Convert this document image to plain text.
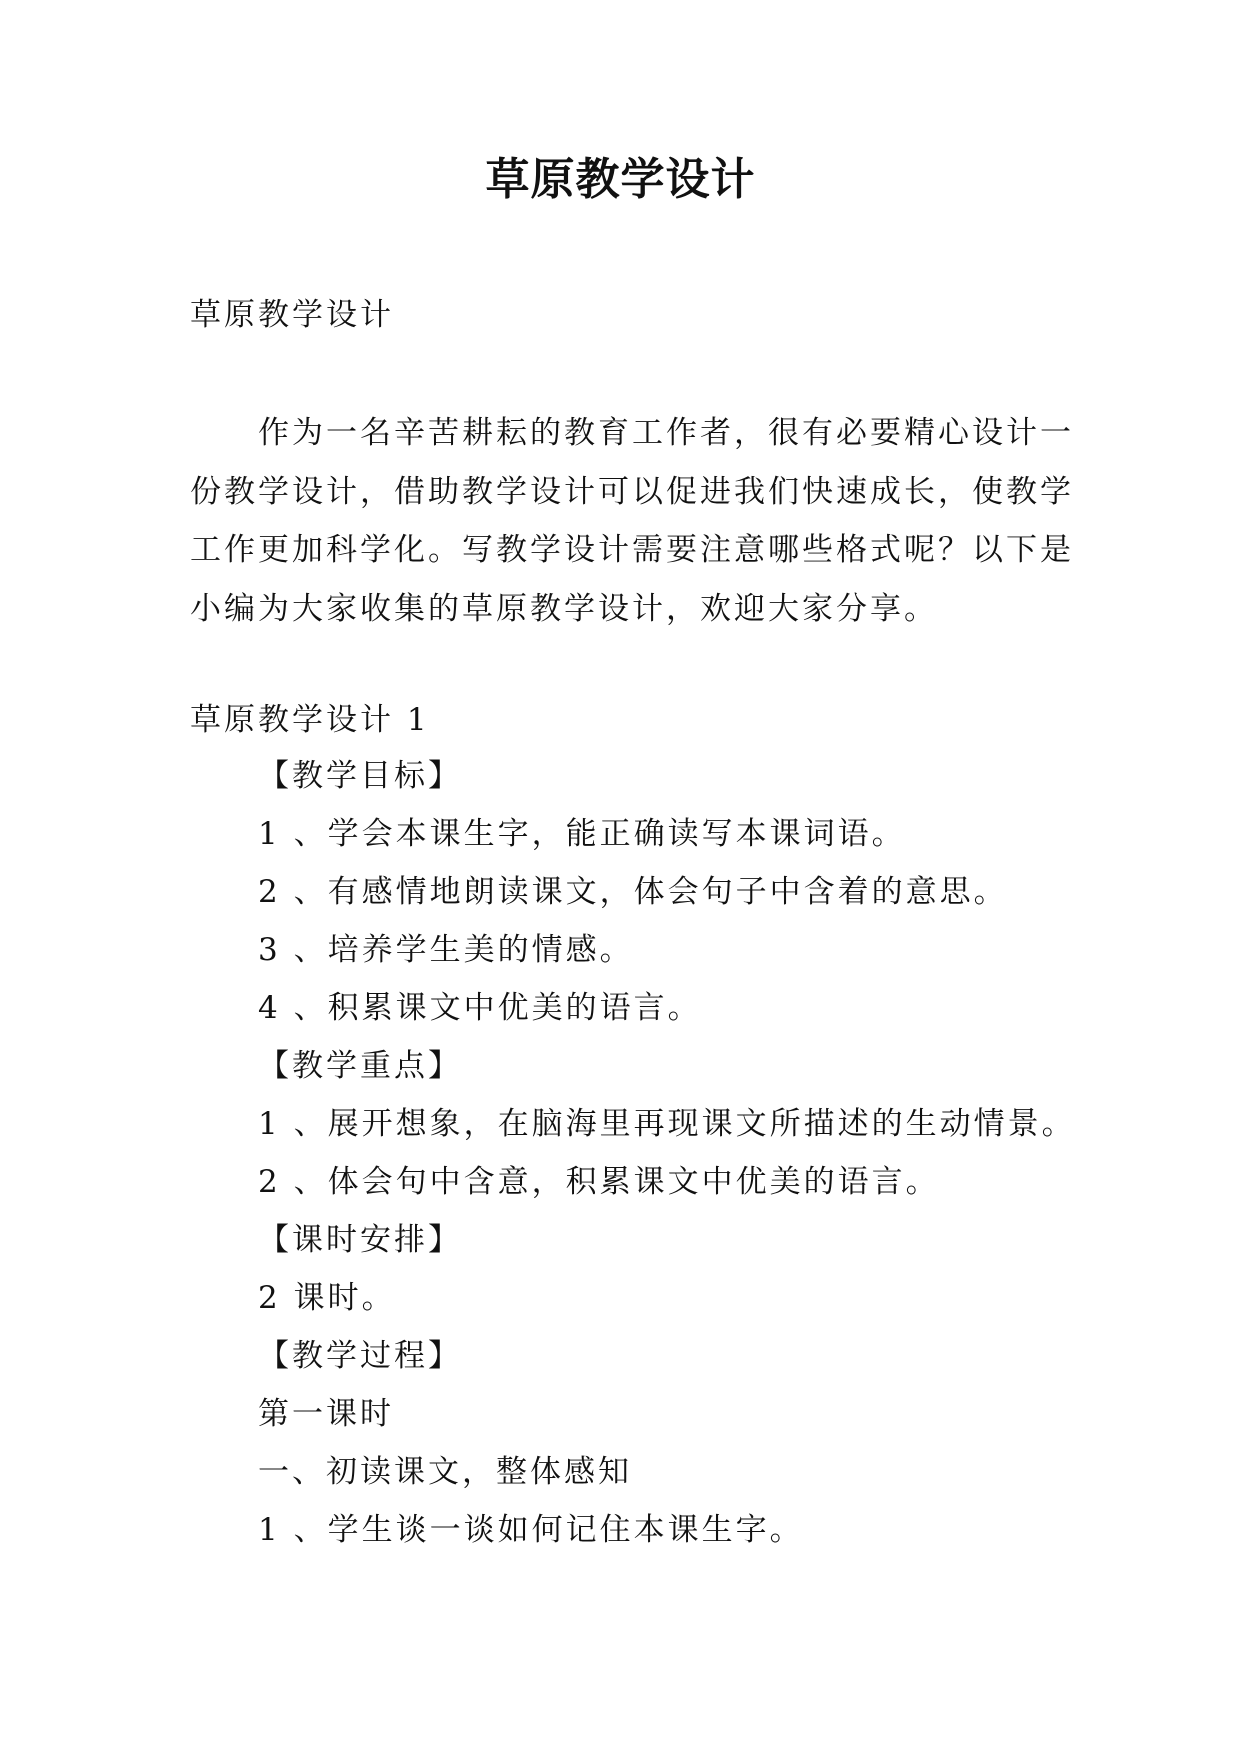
草原教学设计
草原教学设计
作为一名辛苦耕耘的教育工作者，很有必要精心设计一
份教学设计，借助教学设计可以促进我们快速成长，使教学
工作更加科学化。写教学设计需要注意哪些格式呢？以下是
小编为大家收集的草原教学设计，欢迎大家分享。
草原教学设计 1
【教学目标】
1 、学会本课生字，能正确读写本课词语。
2 、有感情地朗读课文，体会句子中含着的意思。
3 、培养学生美的情感。
4 、积累课文中优美的语言。
【教学重点】
1 、展开想象，在脑海里再现课文所描述的生动情景。
2 、体会句中含意，积累课文中优美的语言。
【课时安排】
2 课时。
【教学过程】
第一课时
一、初读课文，整体感知
1 、学生谈一谈如何记住本课生字。
